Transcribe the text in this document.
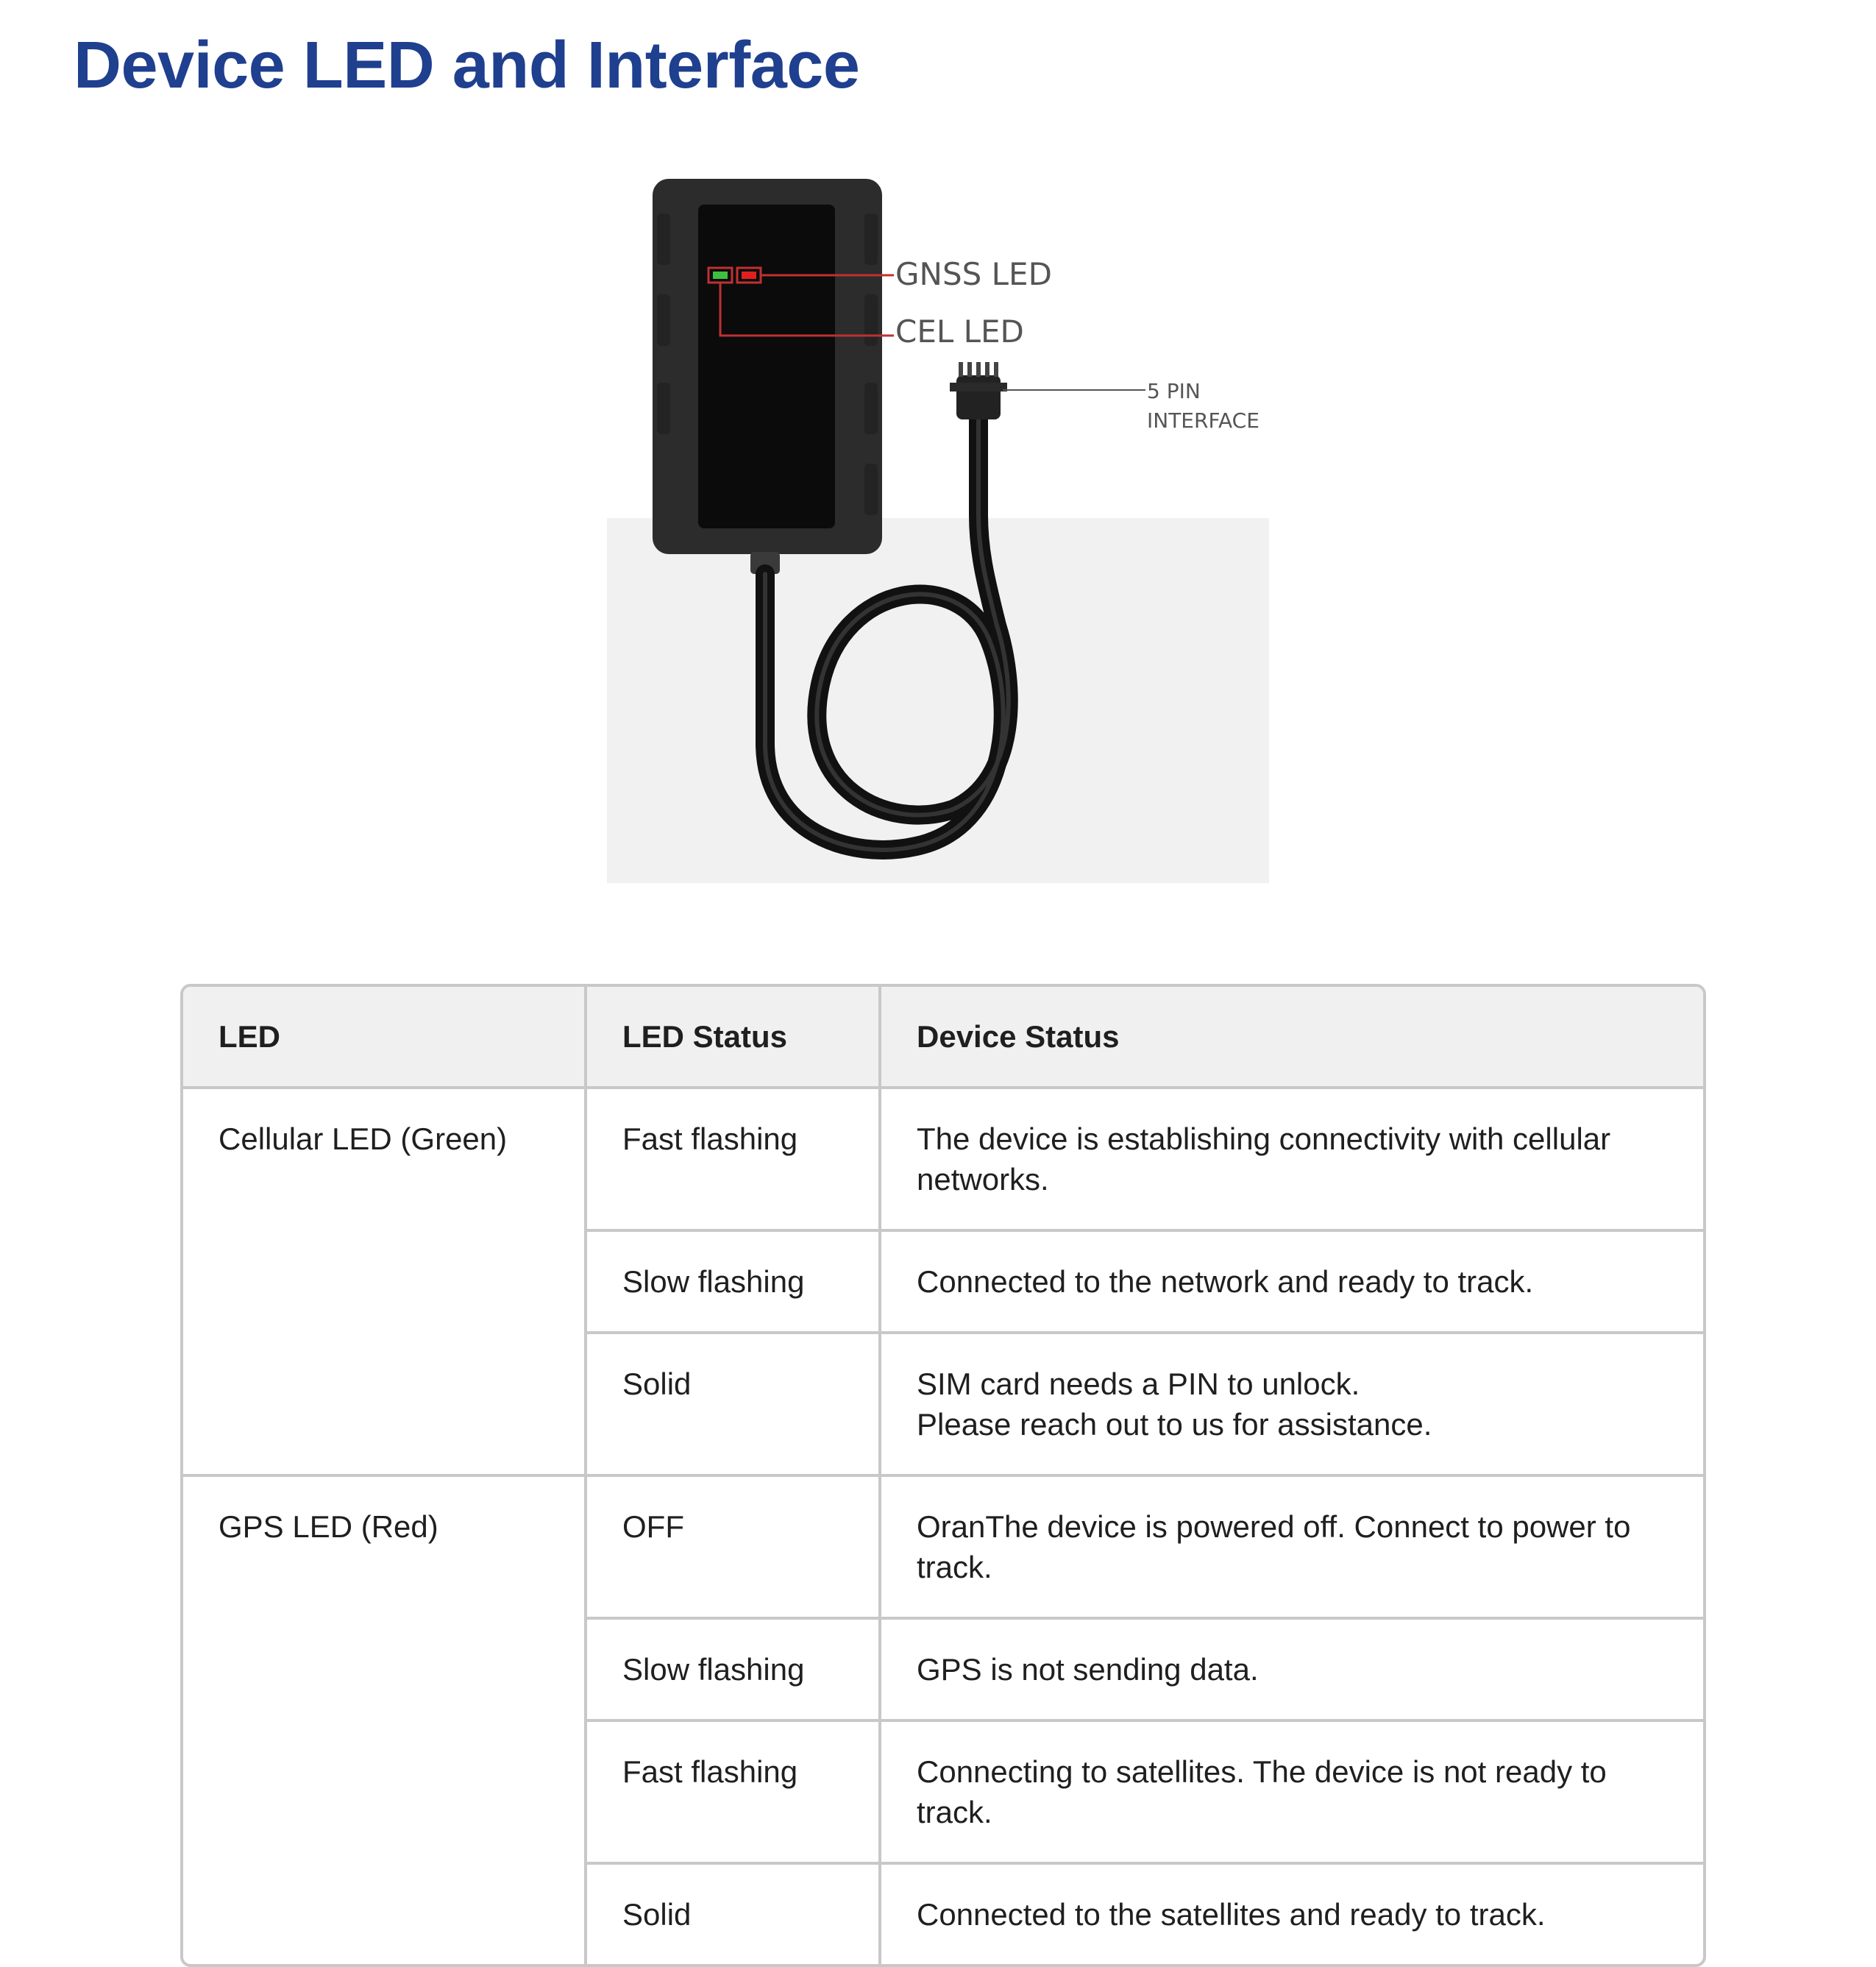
Device LED and Interface
GNSS LED
CEL LED
5 PIN
INTERFACE
LED	LED Status	Device Status
Cellular LED (Green)	Fast flashing	The device is establishing connectivity with cellular networks.
	Slow flashing	Connected to the network and ready to track.
	Solid	SIM card needs a PIN to unlock.
Please reach out to us for assistance.

GPS LED (Red)	OFF	OranThe device is powered off. Connect to power to track.
	Slow flashing	GPS is not sending data.
	Fast flashing	Connecting to satellites. The device is not ready to track.
	Solid	Connected to the satellites and ready to track.
